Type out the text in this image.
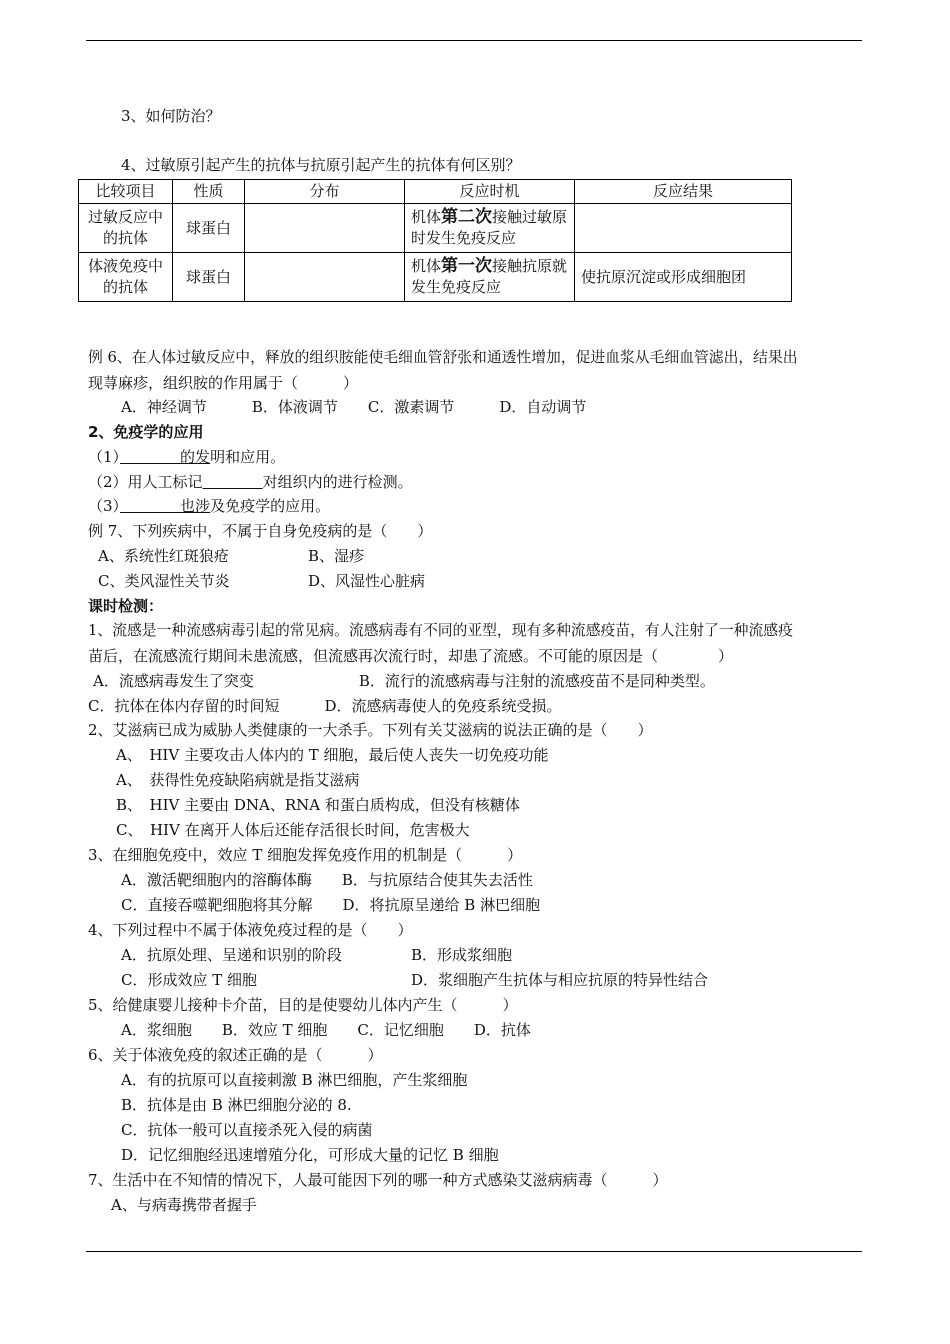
3、如何防治？
4、过敏原引起产生的抗体与抗原引起产生的抗体有何区别？
比较项目	性质	分布	反应时机	反应结果
过敏反应中的抗体	球蛋白		机体第二次接触过敏原时发生免疫反应	
体液免疫中的抗体	球蛋白		机体第一次接触抗原就发生免疫反应	使抗原沉淀或形成细胞团
例 6、在人体过敏反应中，释放的组织胺能使毛细血管舒张和通透性增加，促进血浆从毛细血管滤出，结果出
现荨麻疹，组织胺的作用属于（　　　）
A．神经调节　　　B．体液调节　　C．激素调节　　　D．自动调节
2、免疫学的应用
（1）　　　　的发明和应用。
（2）用人工标记　　　　	对组织内的进行检测。
（3）　　　　也涉及免疫学的应用。
例 7、下列疾病中，不属于自身免疫病的是（　　）
A、系统性红斑狼疮	B、湿疹
C、类风湿性关节炎	D、风湿性心脏病
课时检测：
1、流感是一种流感病毒引起的常见病。流感病毒有不同的亚型，现有多种流感疫苗，有人注射了一种流感疫
苗后，在流感流行期间未患流感，但流感再次流行时，却患了流感。不可能的原因是（　　　　）
A．流感病毒发生了突变　　　　　　　B．流行的流感病毒与注射的流感疫苗不是同种类型。
C．抗体在体内存留的时间短　　　D．流感病毒使人的免疫系统受损。
2、艾滋病已成为威胁人类健康的一大杀手。下列有关艾滋病的说法正确的是（　　）
A、　HIV 主要攻击人体内的 T 细胞，最后使人丧失一切免疫功能
A、　获得性免疫缺陷病就是指艾滋病
B、　HIV 主要由 DNA、RNA 和蛋白质构成，但没有核糖体
C、　HIV 在离开人体后还能存活很长时间，危害极大
3、在细胞免疫中，效应 T 细胞发挥免疫作用的机制是（　　　）
A．激活靶细胞内的溶酶体酶　　B．与抗原结合使其失去活性
C．直接吞噬靶细胞将其分解　　D．将抗原呈递给 B 淋巴细胞
4、下列过程中不属于体液免疫过程的是（　　）
A．抗原处理、呈递和识别的阶段	B．形成浆细胞
C．形成效应 T 细胞	D．浆细胞产生抗体与相应抗原的特异性结合
5、给健康婴儿接种卡介苗，目的是使婴幼儿体内产生（　　　）
A．浆细胞　　B．效应 T 细胞　　C．记忆细胞　　D．抗体
6、关于体液免疫的叙述正确的是（　　　）
A．有的抗原可以直接刺激 B 淋巴细胞，产生浆细胞
B．抗体是由 B 淋巴细胞分泌的 8.
C．抗体一般可以直接杀死入侵的病菌
D．记忆细胞经迅速增殖分化，可形成大量的记忆 B 细胞
7、生活中在不知情的情况下，人最可能因下列的哪一种方式感染艾滋病病毒（　　　）
A、与病毒携带者握手
